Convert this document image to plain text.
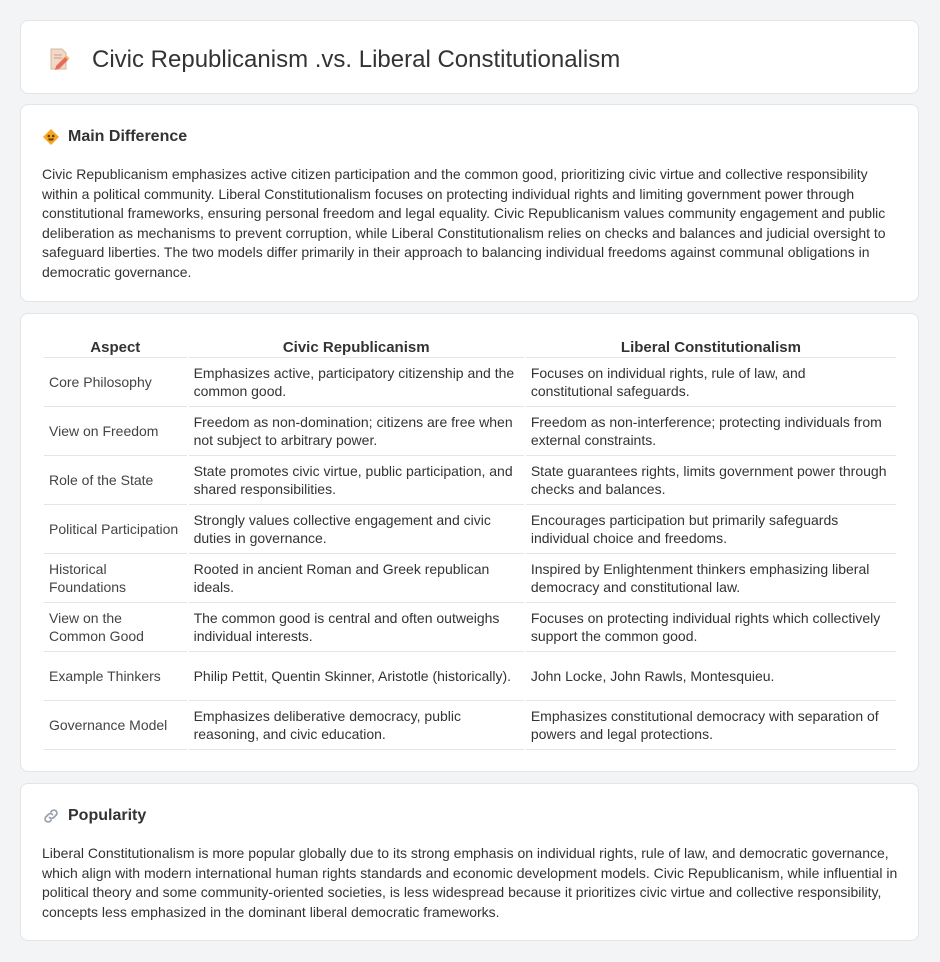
Civic Republicanism .vs. Liberal Constitutionalism
Main Difference

Civic Republicanism emphasizes active citizen participation and the common good, prioritizing civic virtue and collective responsibility within a political community. Liberal Constitutionalism focuses on protecting individual rights and limiting government power through constitutional frameworks, ensuring personal freedom and legal equality. Civic Republicanism values community engagement and public deliberation as mechanisms to prevent corruption, while Liberal Constitutionalism relies on checks and balances and judicial oversight to safeguard liberties. The two models differ primarily in their approach to balancing individual freedoms against communal obligations in democratic governance.

Aspect	Civic Republicanism	Liberal Constitutionalism
Core Philosophy	Emphasizes active, participatory citizenship and the common good.	Focuses on individual rights, rule of law, and constitutional safeguards.
View on Freedom	Freedom as non-domination; citizens are free when not subject to arbitrary power.	Freedom as non-interference; protecting individuals from external constraints.
Role of the State	State promotes civic virtue, public participation, and shared responsibilities.	State guarantees rights, limits government power through checks and balances.
Political Participation	Strongly values collective engagement and civic duties in governance.	Encourages participation but primarily safeguards individual choice and freedoms.
Historical Foundations	Rooted in ancient Roman and Greek republican ideals.	Inspired by Enlightenment thinkers emphasizing liberal democracy and constitutional law.
View on the Common Good	The common good is central and often outweighs individual interests.	Focuses on protecting individual rights which collectively support the common good.
Example Thinkers	Philip Pettit, Quentin Skinner, Aristotle (historically).	John Locke, John Rawls, Montesquieu.
Governance Model	Emphasizes deliberative democracy, public reasoning, and civic education.	Emphasizes constitutional democracy with separation of powers and legal protections.
Popularity

Liberal Constitutionalism is more popular globally due to its strong emphasis on individual rights, rule of law, and democratic governance, which align with modern international human rights standards and economic development models. Civic Republicanism, while influential in political theory and some community-oriented societies, is less widespread because it prioritizes civic virtue and collective responsibility, concepts less emphasized in the dominant liberal democratic frameworks.
